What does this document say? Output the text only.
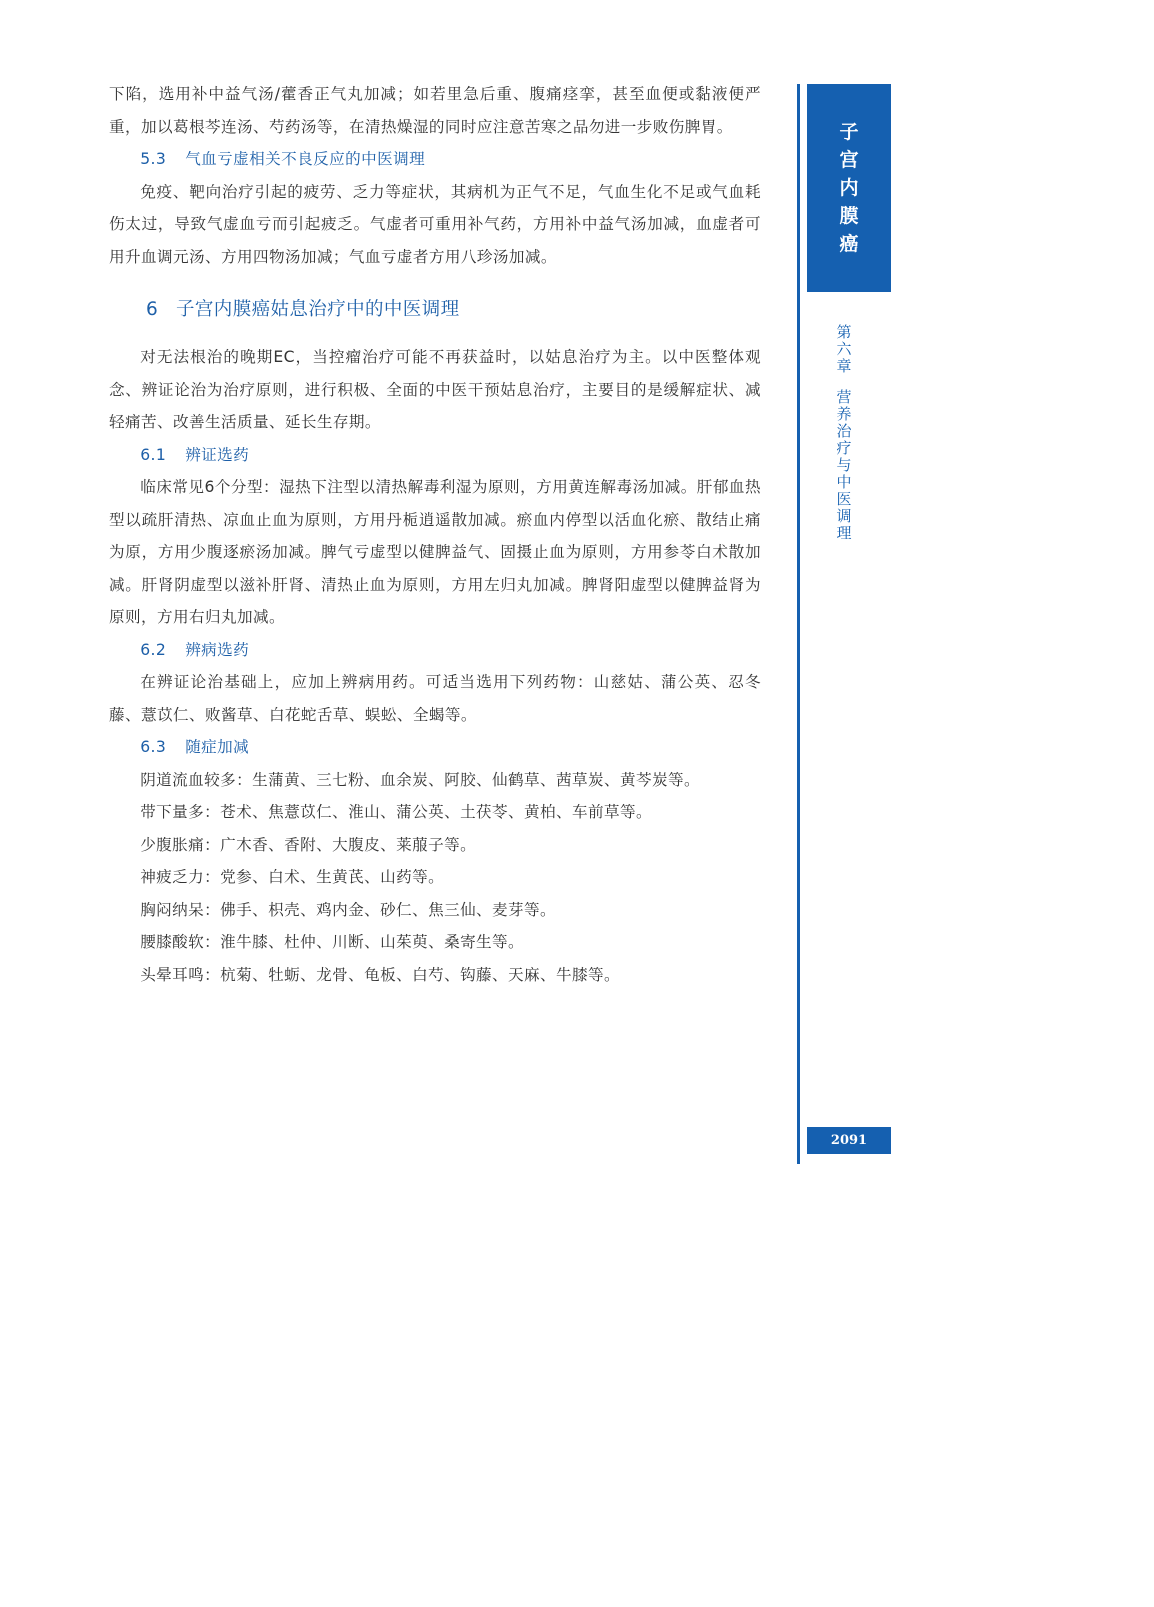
下陷，选用补中益气汤/藿香正气丸加减；如若里急后重、腹痛痉挛，甚至血便或黏液便严重，加以葛根芩连汤、芍药汤等，在清热燥湿的同时应注意苦寒之品勿进一步败伤脾胃。

5.3 气血亏虚相关不良反应的中医调理

免疫、靶向治疗引起的疲劳、乏力等症状，其病机为正气不足，气血生化不足或气血耗伤太过，导致气虚血亏而引起疲乏。气虚者可重用补气药，方用补中益气汤加减，血虚者可用升血调元汤、方用四物汤加减；气血亏虚者方用八珍汤加减。

6 子宫内膜癌姑息治疗中的中医调理

对无法根治的晚期EC，当控瘤治疗可能不再获益时，以姑息治疗为主。以中医整体观念、辨证论治为治疗原则，进行积极、全面的中医干预姑息治疗，主要目的是缓解症状、减轻痛苦、改善生活质量、延长生存期。

6.1 辨证选药

临床常见6个分型：湿热下注型以清热解毒利湿为原则，方用黄连解毒汤加减。肝郁血热型以疏肝清热、凉血止血为原则，方用丹栀逍遥散加减。瘀血内停型以活血化瘀、散结止痛为原，方用少腹逐瘀汤加减。脾气亏虚型以健脾益气、固摄止血为原则，方用参苓白术散加减。肝肾阴虚型以滋补肝肾、清热止血为原则，方用左归丸加减。脾肾阳虚型以健脾益肾为原则，方用右归丸加减。

6.2 辨病选药

在辨证论治基础上，应加上辨病用药。可适当选用下列药物：山慈姑、蒲公英、忍冬藤、薏苡仁、败酱草、白花蛇舌草、蜈蚣、全蝎等。

6.3 随症加减

阴道流血较多：生蒲黄、三七粉、血余炭、阿胶、仙鹤草、茜草炭、黄芩炭等。
带下量多：苍术、焦薏苡仁、淮山、蒲公英、土茯苓、黄柏、车前草等。
少腹胀痛：广木香、香附、大腹皮、莱菔子等。
神疲乏力：党参、白术、生黄芪、山药等。
胸闷纳呆：佛手、枳壳、鸡内金、砂仁、焦三仙、麦芽等。
腰膝酸软：淮牛膝、杜仲、川断、山茱萸、桑寄生等。
头晕耳鸣：杭菊、牡蛎、龙骨、龟板、白芍、钩藤、天麻、牛膝等。
子
宫
内
膜
癌
第
六
章
营
养
治
疗
与
中
医
调
理
2091
